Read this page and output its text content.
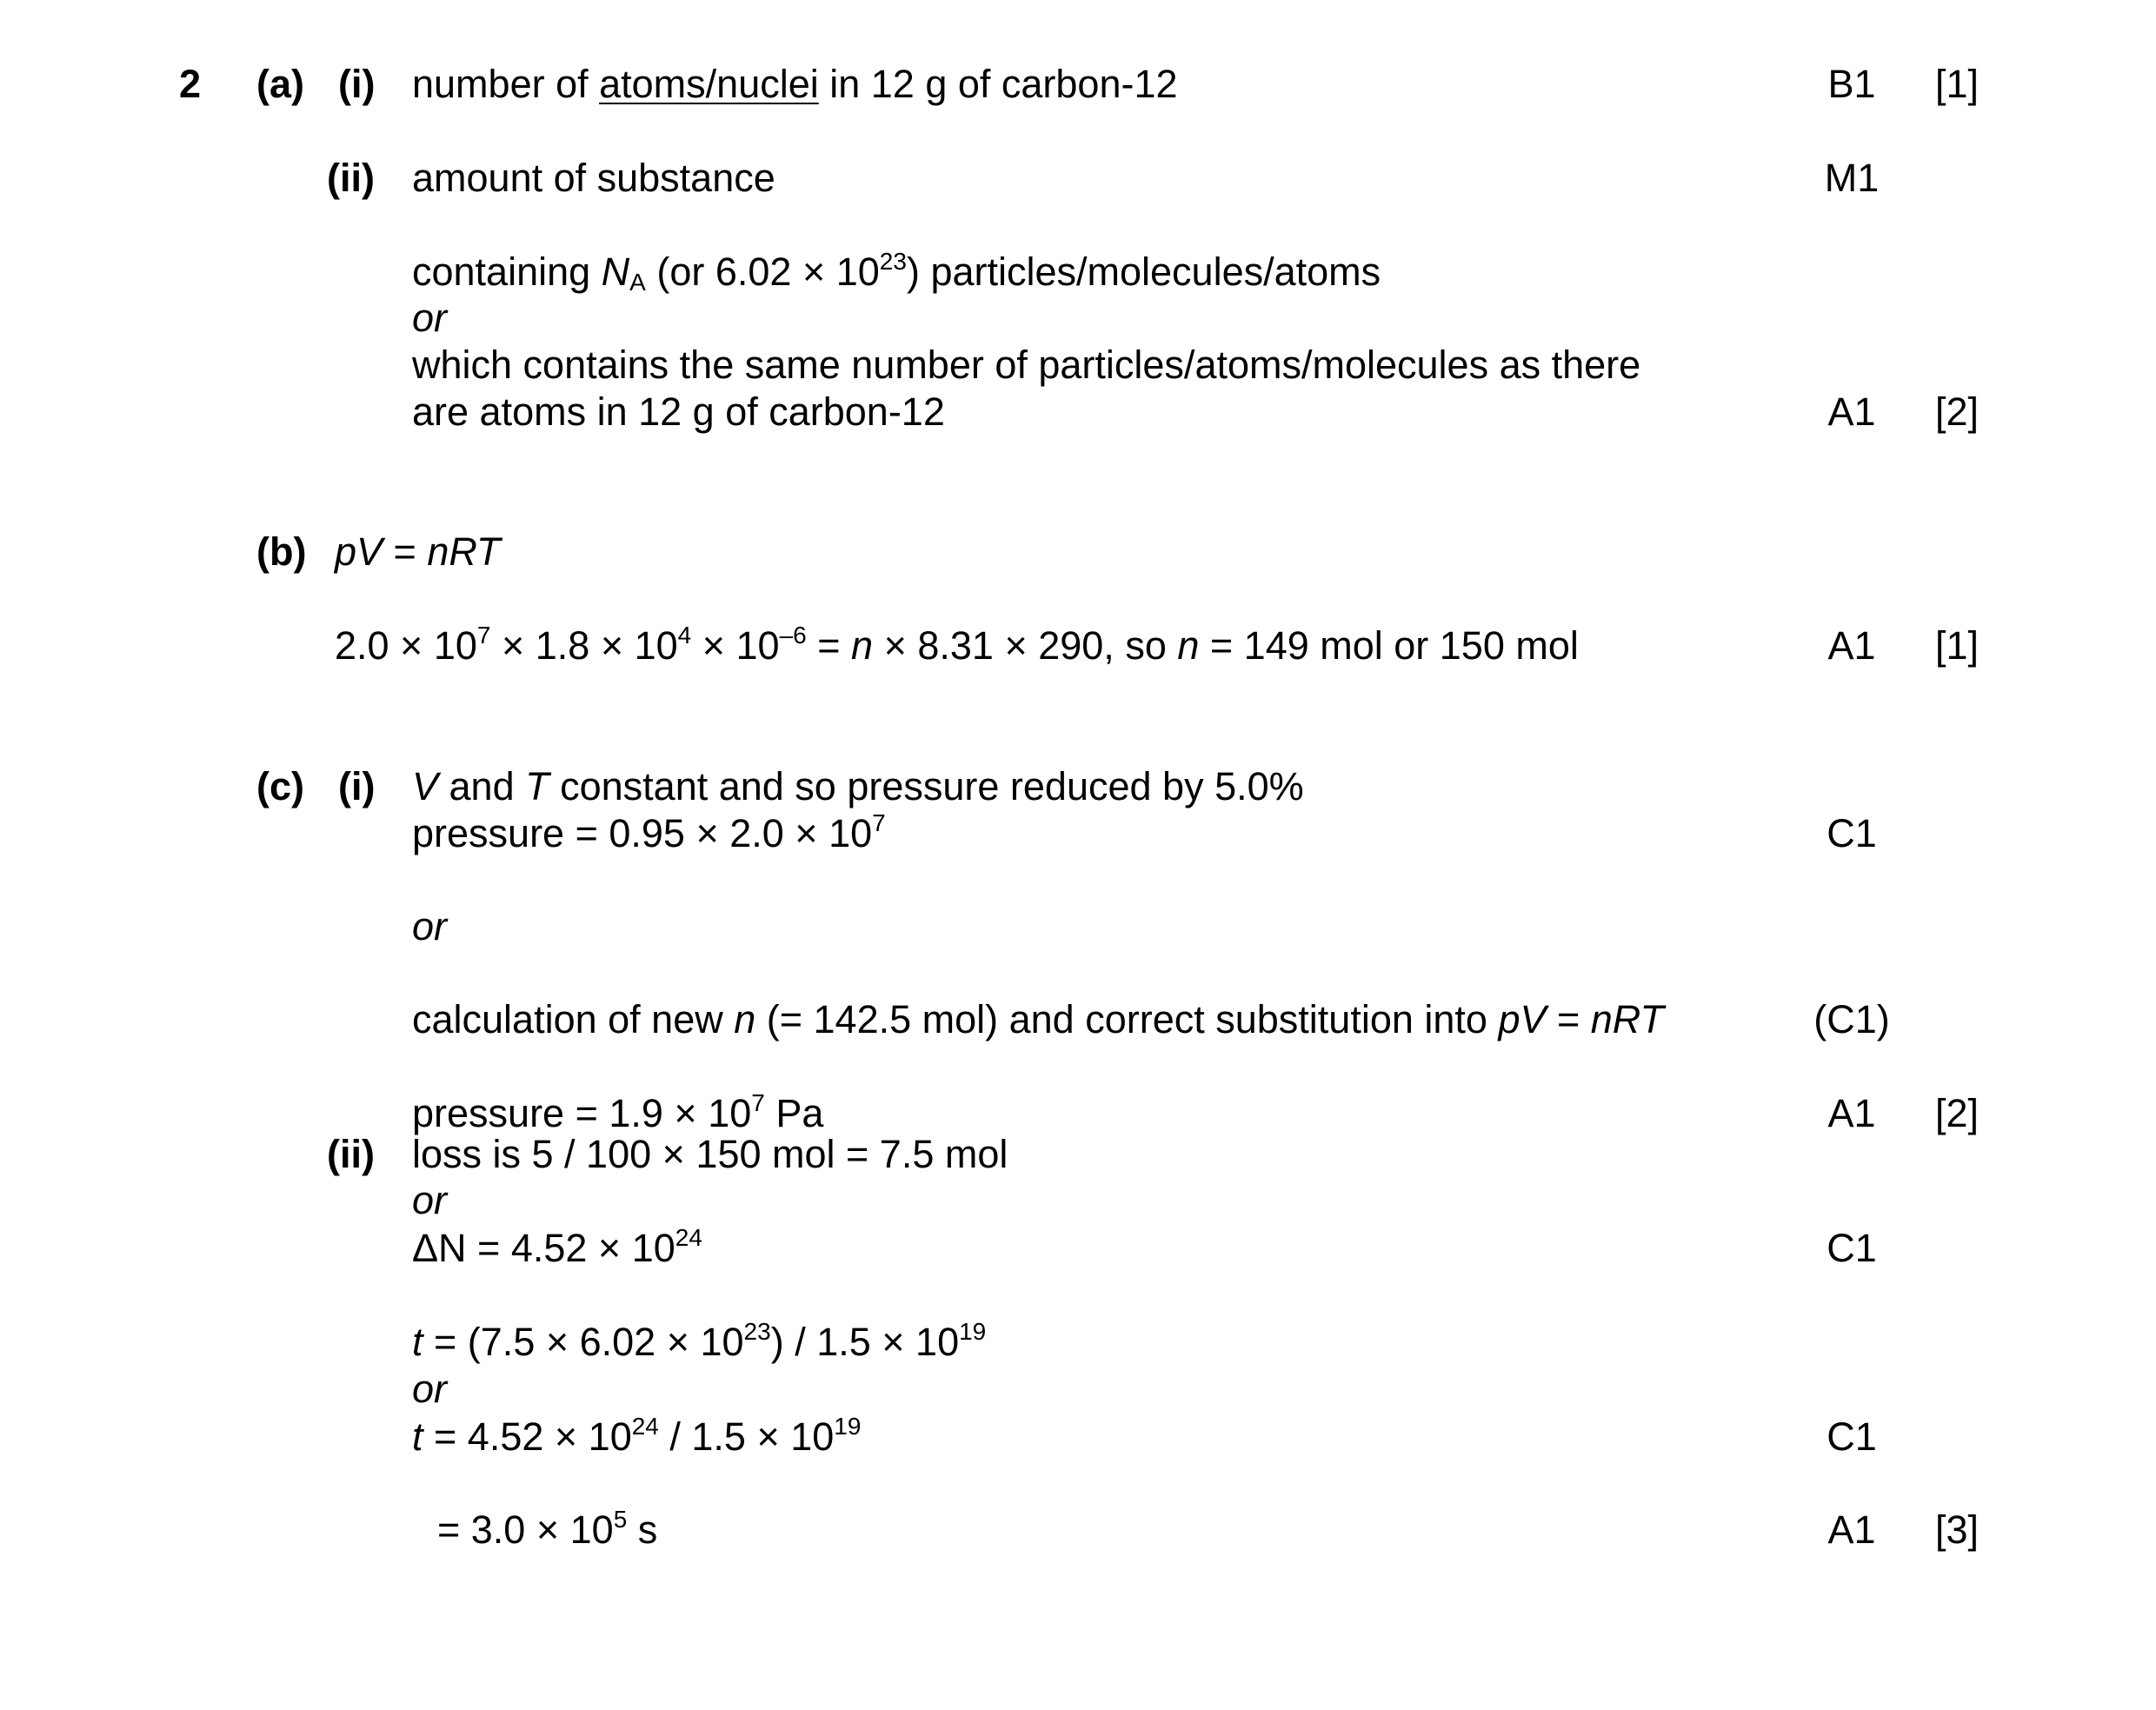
2 (a) (i) number of atoms/nuclei in 12 g of carbon-12	B1	[1]
(ii) amount of substance	M1
containing $N_A$ (or $6.02 \times 10^{23}$) particles/molecules/atoms
or
which contains the same number of particles/atoms/molecules as there
are atoms in 12 g of carbon-12	A1	[2]
(b) pV = nRT
$2.0 \times 10^7 \times 1.8 \times 10^4 \times 10^{-6} = n \times 8.31 \times 290$, so n = 149 mol or 150 mol	A1	[1]
(c) (i) V and T constant and so pressure reduced by 5.0%
pressure = $0.95 \times 2.0 \times 10^7$	C1
or
calculation of new n (= 142.5 mol) and correct substitution into pV = nRT	(C1)
pressure = $1.9 \times 10^7$ Pa	A1	[2]
(ii) loss is 5 / 100 × 150 mol = 7.5 mol
or
$\Delta N = 4.52 \times 10^{24}$	C1
$t = (7.5 \times 6.02 \times 10^{23}) / 1.5 \times 10^{19}$
or
$t = 4.52 \times 10^{24} / 1.5 \times 10^{19}$	C1
= $3.0 \times 10^5$ s	A1	[3]
